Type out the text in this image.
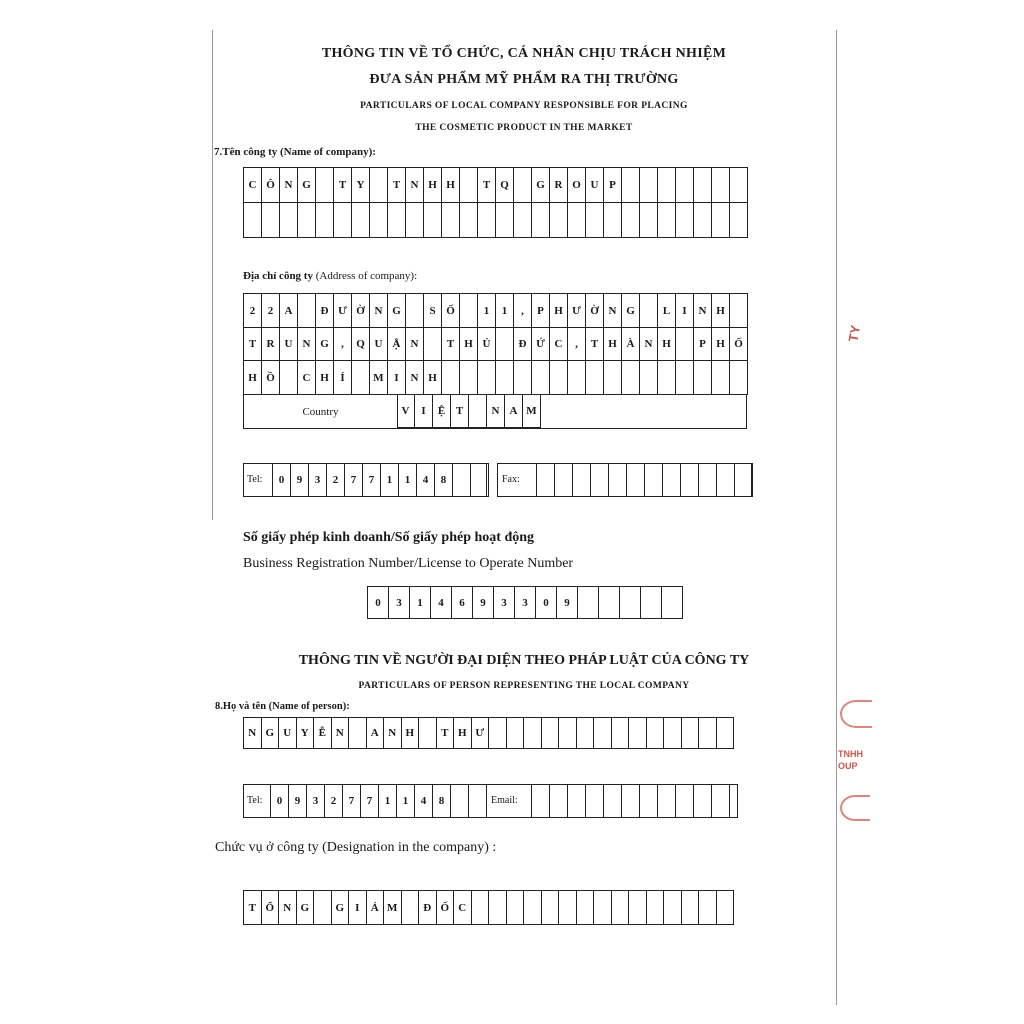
THÔNG TIN VỀ TỔ CHỨC, CÁ NHÂN CHỊU TRÁCH NHIỆM
ĐƯA SẢN PHẨM MỸ PHẨM RA THỊ TRƯỜNG
PARTICULARS OF LOCAL COMPANY RESPONSIBLE FOR PLACING
THE COSMETIC PRODUCT IN THE MARKET
7.Tên công ty (Name of company):
C Ô N G	T Y	T N H H	T Q	G R O U P
Địa chỉ công ty (Address of company):
2	2	A	Đ Ư Ờ N G	S Ố	1	1	,	P H Ư Ờ N G	L	I	N H
T R U N G	,	Q U Ậ N	T H Ủ	Đ Ứ C	,	T H À N H	P H Ố
H Ồ	C H	Í	M I	N H
Country	V	I	Ệ T	N A M
Tel:	0	9	3	2	7	7	1	1	4	8	Fax:
Số giấy phép kinh doanh/Số giấy phép hoạt động
Business Registration Number/License to Operate Number
0	3	1	4	6	9	3	3	0	9
THÔNG TIN VỀ NGƯỜI ĐẠI DIỆN THEO PHÁP LUẬT CỦA CÔNG TY
PARTICULARS OF PERSON REPRESENTING THE LOCAL COMPANY
8.Họ và tên (Name of person):
N G U Y Ễ N	A N H	T H Ư
Tel:	0	9	3	2	7	7	1	1	4	8	Email:
Chức vụ ở công ty (Designation in the company) :
T Ổ N G	G	I	Á M	Đ Ố C
TY
TNHH
OUP
